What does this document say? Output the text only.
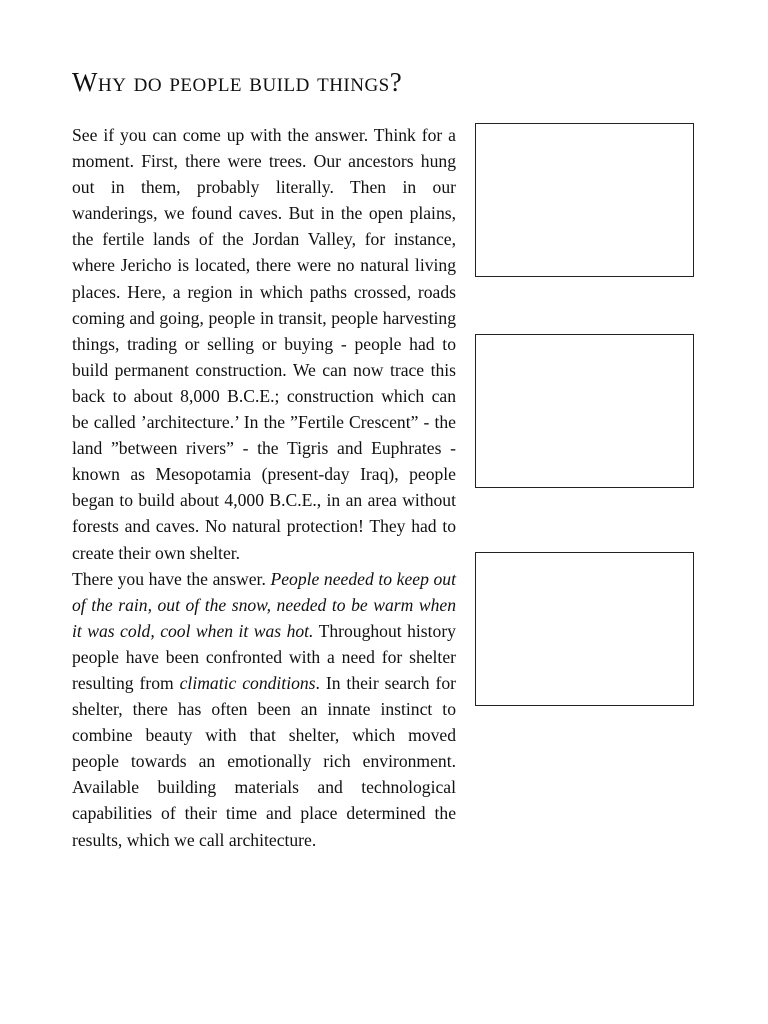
Why do people build things?

See if you can come up with the answer. Think for a moment. First, there were trees. Our ancestors hung out in them, probably literally. Then in our wanderings, we found caves. But in the open plains, the fertile lands of the Jordan Valley, for instance, where Jericho is located, there were no natural living places. Here, a region in which paths crossed, roads coming and going, people in transit, people harvesting things, trading or selling or buying - people had to build permanent construction. We can now trace this back to about 8,000 B.C.E.; construction which can be called ’architecture.’ In the ”Fertile Crescent” - the land ”between rivers” - the Tigris and Euphrates - known as Mesopotamia (present-day Iraq), people began to build about 4,000 B.C.E., in an area without forests and caves. No natural protection! They had to create their own shelter.

There you have the answer. People needed to keep out of the rain, out of the snow, needed to be warm when it was cold, cool when it was hot. Throughout history people have been confronted with a need for shelter resulting from climatic conditions. In their search for shelter, there has often been an innate instinct to combine beauty with that shelter, which moved people towards an emotionally rich environment. Available building materials and technological capabilities of their time and place determined the results, which we call architecture.
